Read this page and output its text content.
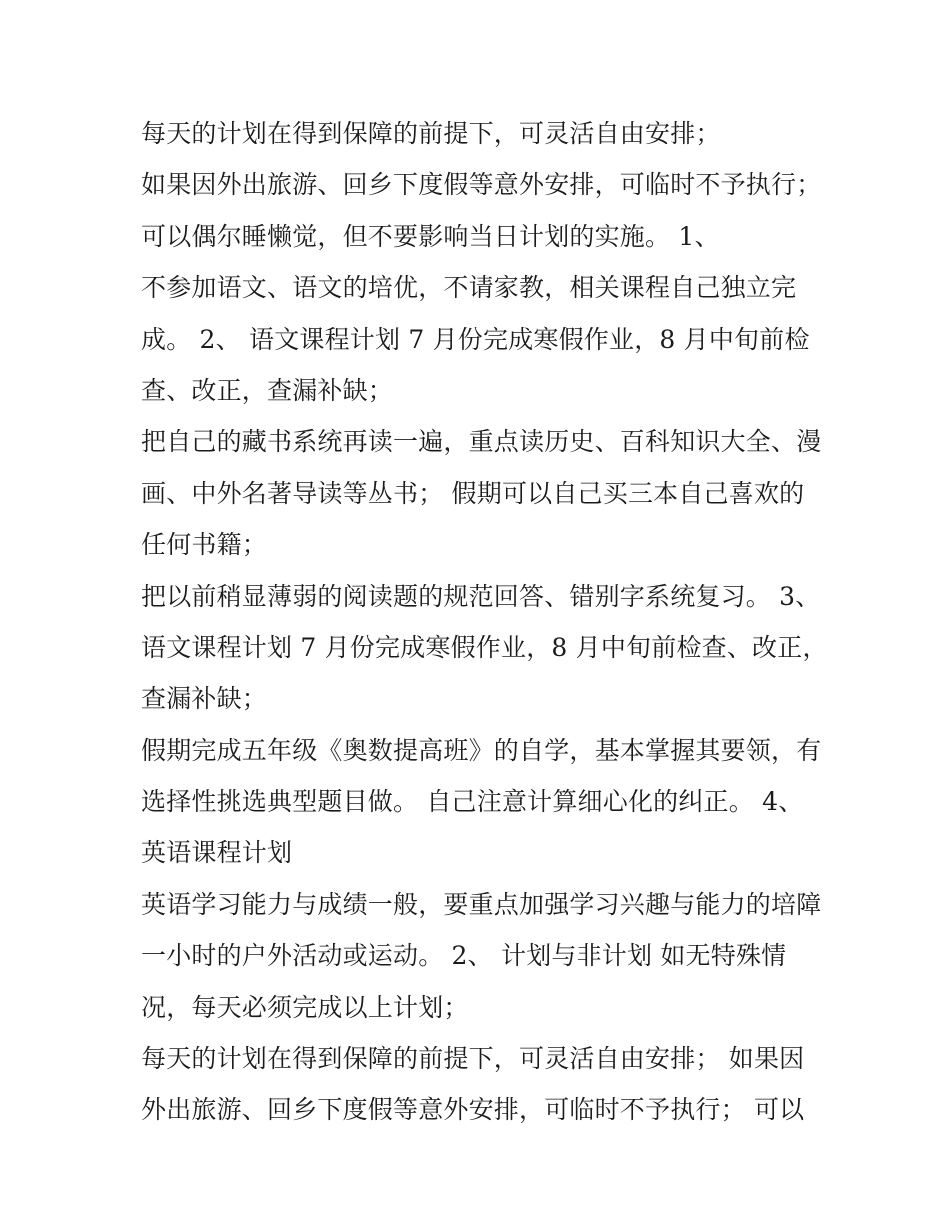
每天的计划在得到保障的前提下，可灵活自由安排；
如果因外出旅游、回乡下度假等意外安排，可临时不予执行；
可以偶尔睡懒觉，但不要影响当日计划的实施。 1、
不参加语文、语文的培优，不请家教，相关课程自己独立完
成。 2、 语文课程计划 7 月份完成寒假作业，8 月中旬前检
查、改正，查漏补缺；
把自己的藏书系统再读一遍，重点读历史、百科知识大全、漫
画、中外名著导读等丛书； 假期可以自己买三本自己喜欢的
任何书籍；
把以前稍显薄弱的阅读题的规范回答、错别字系统复习。 3、
语文课程计划 7 月份完成寒假作业，8 月中旬前检查、改正，
查漏补缺；
假期完成五年级《奥数提高班》的自学，基本掌握其要领，有
选择性挑选典型题目做。 自己注意计算细心化的纠正。 4、
英语课程计划
英语学习能力与成绩一般，要重点加强学习兴趣与能力的培障
一小时的户外活动或运动。 2、 计划与非计划 如无特殊情
况，每天必须完成以上计划；
每天的计划在得到保障的前提下，可灵活自由安排； 如果因
外出旅游、回乡下度假等意外安排，可临时不予执行； 可以
